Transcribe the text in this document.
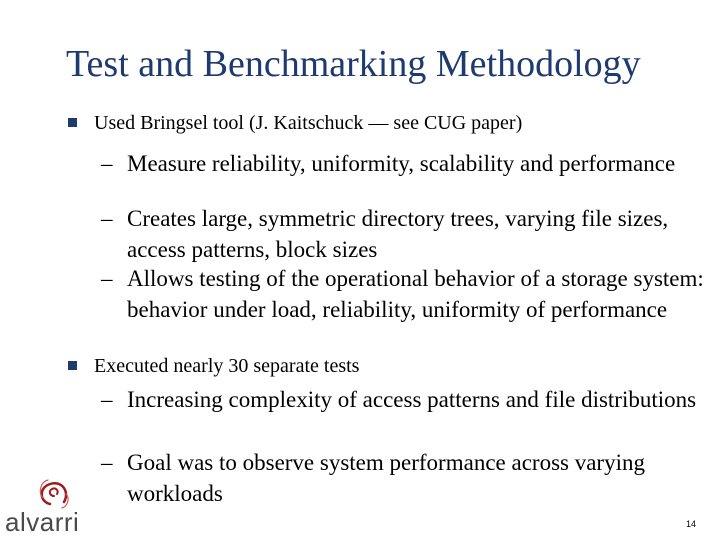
Test and Benchmarking Methodology
Used Bringsel tool (J. Kaitschuck — see CUG paper)
– Measure reliability, uniformity, scalability and performance
– Creates large, symmetric directory trees, varying file sizes, access patterns, block sizes
– Allows testing of the operational behavior of a storage system: behavior under load, reliability, uniformity of performance
Executed nearly 30 separate tests
– Increasing complexity of access patterns and file distributions
– Goal was to observe system performance across varying workloads
alvarri	14
